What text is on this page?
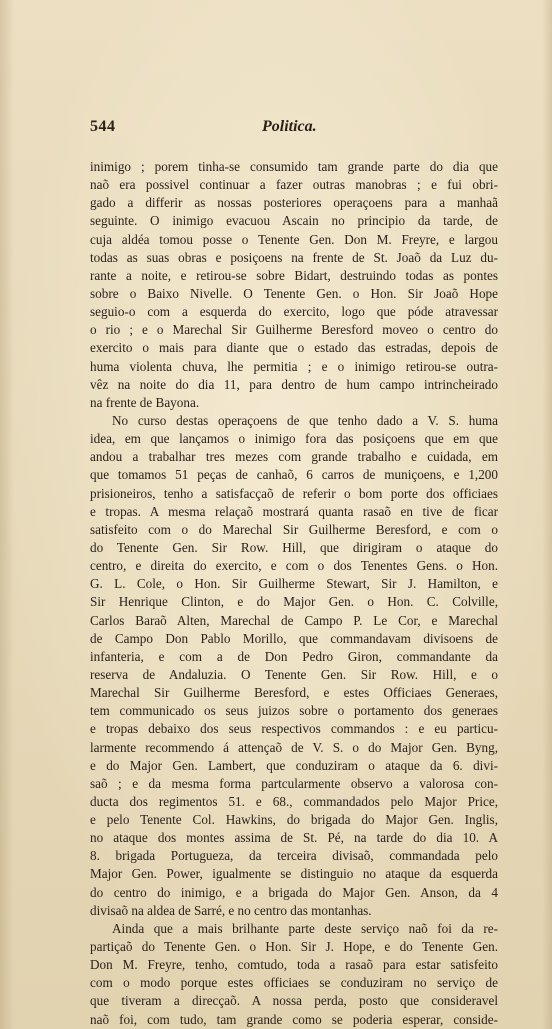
544	Politica.
inimigo ; porem tinha-se consumido tam grande parte do dia que
naõ era possivel continuar a fazer outras manobras ; e fui obri-
gado a differir as nossas posteriores operaçoens para a manhaã
seguinte. O inimigo evacuou Ascain no principio da tarde, de
cuja aldéa tomou posse o Tenente Gen. Don M. Freyre, e largou
todas as suas obras e posiçoens na frente de St. Joaõ da Luz du-
rante a noite, e retirou-se sobre Bidart, destruindo todas as pontes
sobre o Baixo Nivelle. O Tenente Gen. o Hon. Sir Joaõ Hope
seguio-o com a esquerda do exercito, logo que póde atravessar
o rio ; e o Marechal Sir Guilherme Beresford moveo o centro do
exercito o mais para diante que o estado das estradas, depois de
huma violenta chuva, lhe permitia ; e o inimigo retirou-se outra-
vêz na noite do dia 11, para dentro de hum campo intrincheirado
na frente de Bayona.
No curso destas operaçoens de que tenho dado a V. S. huma
idea, em que lançamos o inimigo fora das posiçoens que em que
andou a trabalhar tres mezes com grande trabalho e cuidada, em
que tomamos 51 peças de canhaõ, 6 carros de muniçoens, e 1,200
prisioneiros, tenho a satisfacçaõ de referir o bom porte dos officiaes
e tropas. A mesma relaçaõ mostrará quanta rasaõ en tive de ficar
satisfeito com o do Marechal Sir Guilherme Beresford, e com o
do Tenente Gen. Sir Row. Hill, que dirigiram o ataque do
centro, e direita do exercito, e com o dos Tenentes Gens. o Hon.
G. L. Cole, o Hon. Sir Guilherme Stewart, Sir J. Hamilton, e
Sir Henrique Clinton, e do Major Gen. o Hon. C. Colville,
Carlos Baraõ Alten, Marechal de Campo P. Le Cor, e Marechal
de Campo Don Pablo Morillo, que commandavam divisoens de
infanteria, e com a de Don Pedro Giron, commandante da
reserva de Andaluzia. O Tenente Gen. Sir Row. Hill, e o
Marechal Sir Guilherme Beresford, e estes Officiaes Generaes,
tem communicado os seus juizos sobre o portamento dos generaes
e tropas debaixo dos seus respectivos commandos : e eu particu-
larmente recommendo á attençaõ de V. S. o do Major Gen. Byng,
e do Major Gen. Lambert, que conduziram o ataque da 6. divi-
saõ ; e da mesma forma partcularmente observo a valorosa con-
ducta dos regimentos 51. e 68., commandados pelo Major Price,
e pelo Tenente Col. Hawkins, do brigada do Major Gen. Inglis,
no ataque dos montes assima de St. Pé, na tarde do dia 10. A
8. brigada Portugueza, da terceira divisaõ, commandada pelo
Major Gen. Power, igualmente se distinguio no ataque da esquerda
do centro do inimigo, e a brigada do Major Gen. Anson, da 4
divisaõ na aldea de Sarré, e no centro das montanhas.
Ainda que a mais brilhante parte deste serviço naõ foi da re-
partiçaõ do Tenente Gen. o Hon. Sir J. Hope, e do Tenente Gen.
Don M. Freyre, tenho, comtudo, toda a rasaõ para estar satisfeito
com o modo porque estes officiaes se conduziram no serviço de
que tiveram a direcçaõ. A nossa perda, posto que consideravel
naõ foi, com tudo, tam grande como se poderia esperar, conside-
